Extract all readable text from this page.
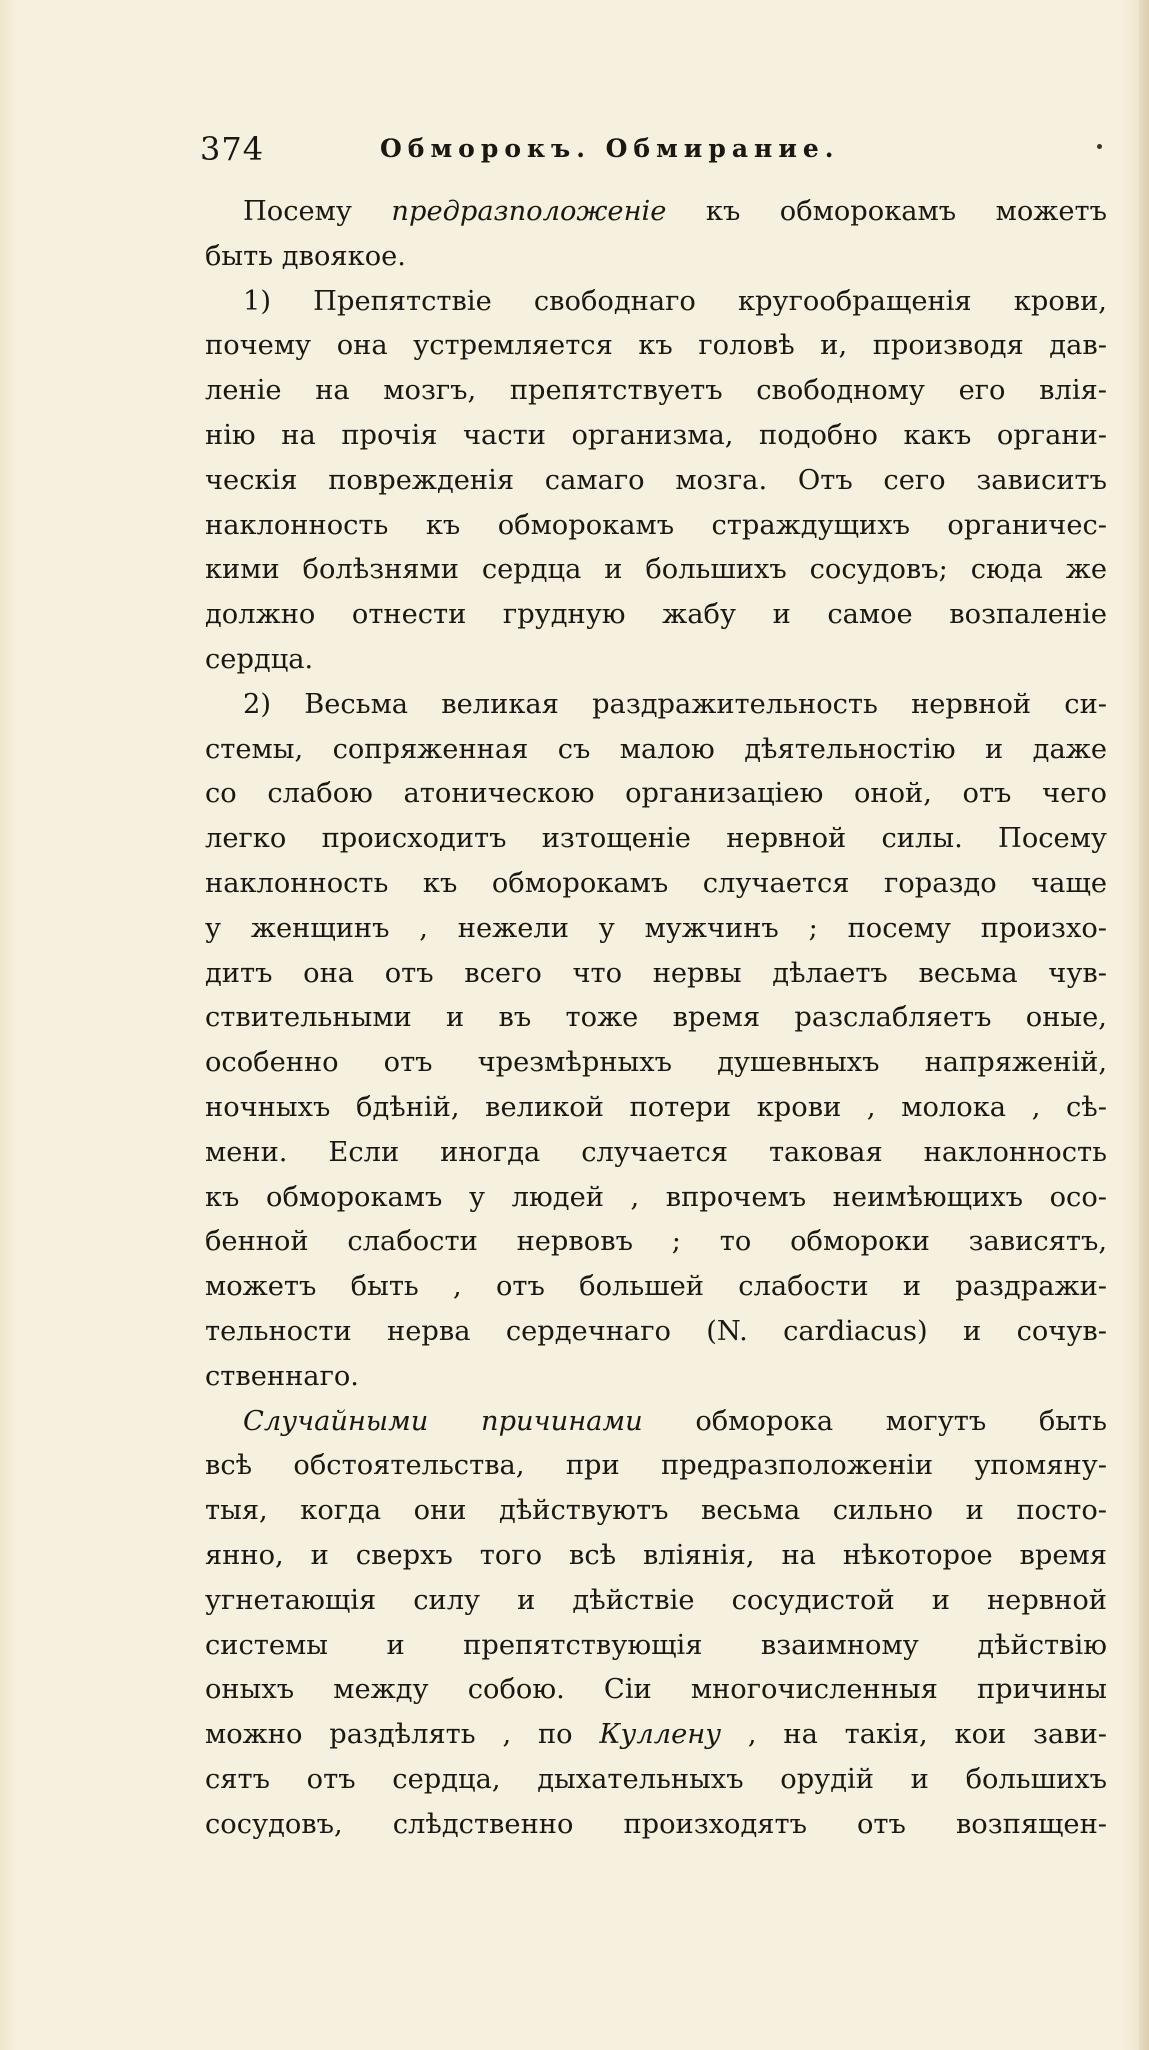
374	Обморокъ. Обмирание.
Посему предразположеніе къ обморокамъ можетъ
быть двоякое.
1) Препятствіе свободнаго кругообращенія крови,
почему она устремляется къ головѣ и, производя дав-
леніе на мозгъ, препятствуетъ свободному его влія-
нію на прочія части организма, подобно какъ органи-
ческія поврежденія самаго мозга. Отъ сего зависитъ
наклонность къ обморокамъ страждущихъ органичес-
кими болѣзнями сердца и большихъ сосудовъ; сюда же
должно отнести грудную жабу и самое возпаленіе
сердца.
2) Весьма великая раздражительность нервной си-
стемы, сопряженная съ малою дѣятельностію и даже
со слабою атоническою организаціею оной, отъ чего
легко происходитъ изтощеніе нервной силы. Посему
наклонность къ обморокамъ случается гораздо чаще
у женщинъ , нежели у мужчинъ ; посему произхо-
дитъ она отъ всего что нервы дѣлаетъ весьма чув-
ствительными и въ тоже время разслабляетъ оные,
особенно отъ чрезмѣрныхъ душевныхъ напряженій,
ночныхъ бдѣній, великой потери крови , молока , сѣ-
мени. Если иногда случается таковая наклонность
къ обморокамъ у людей , впрочемъ неимѣющихъ осо-
бенной слабости нервовъ ; то обмороки зависятъ,
можетъ быть , отъ большей слабости и раздражи-
тельности нерва сердечнаго (N. cardiacus) и сочув-
ственнаго.
Случайными причинами обморока могутъ быть
всѣ обстоятельства, при предразположеніи упомяну-
тыя, когда они дѣйствуютъ весьма сильно и посто-
янно, и сверхъ того всѣ вліянія, на нѣкоторое время
угнетающія силу и дѣйствіе сосудистой и нервной
системы и препятствующія взаимному дѣйствію
оныхъ между собою. Сіи многочисленныя причины
можно раздѣлять , по Куллену , на такія, кои зави-
сятъ отъ сердца, дыхательныхъ орудій и большихъ
сосудовъ, слѣдственно произходятъ отъ возпящен-
